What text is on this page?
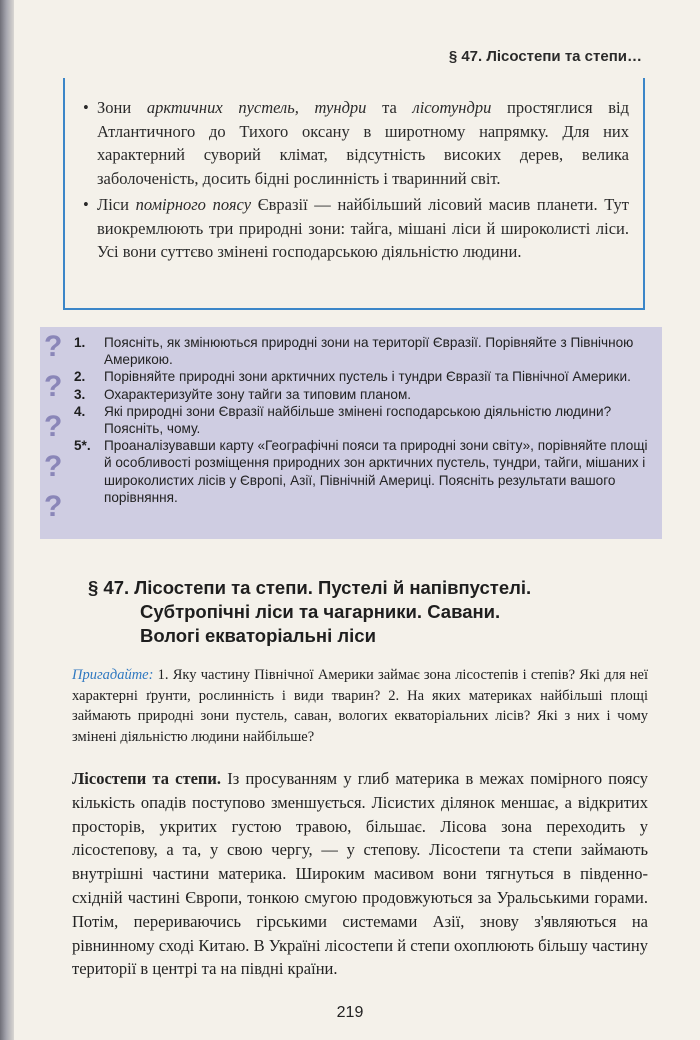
§ 47. Лісостепи та степи…

• Зони арктичних пустель, тундри та лісотундри простяглися від Атлантичного до Тихого оксану в широтному напрямку. Для них характерний суворий клімат, відсутність високих дерев, велика заболоченість, досить бідні рослинність і тваринний світ.

• Ліси помірного поясу Євразії — найбільший лісовий масив планети. Тут виокремлюють три природні зони: тайга, мішані ліси й широколисті ліси. Усі вони суттєво змінені господарською діяльністю людини.

?
?
?
?
?
1.	Поясніть, як змінюються природні зони на території Євразії. Порівняйте з Північною Америкою.
2.	Порівняйте природні зони арктичних пустель і тундри Євразії та Північної Америки.
3.	Охарактеризуйте зону тайги за типовим планом.
4.	Які природні зони Євразії найбільше змінені господарською діяльністю людини? Поясніть, чому.
5*. Проаналізувавши карту «Географічні пояси та природні зони світу», порівняйте площі й особливості розміщення природних зон арктичних пустель, тундри, тайги, мішаних і широколистих лісів у Європі, Азії, Північній Америці. Поясніть результати вашого порівняння.
§ 47. Лісостепи та степи. Пустелі й напівпустелі.
Субтропічні ліси та чагарники. Савани.
Вологі екваторіальні ліси
Пригадайте: 1. Яку частину Північної Америки займає зона лісостепів і степів? Які для неї характерні ґрунти, рослинність і види тварин? 2. На яких материках найбільші площі займають природні зони пустель, саван, вологих екваторіальних лісів? Які з них і чому змінені діяльністю людини найбільше?
Лісостепи та степи. Із просуванням у глиб материка в межах помірного поясу кількість опадів поступово зменшується. Лісистих ділянок меншає, а відкритих просторів, укритих густою травою, більшає. Лісова зона переходить у лісостепову, а та, у свою чергу, — у степову. Лісостепи та степи займають внутрішні частини материка. Широким масивом вони тягнуться в південно-східній частині Європи, тонкою смугою продовжуються за Уральськими горами. Потім, перериваючись гірськими системами Азії, знову з'являються на рівнинному сході Китаю. В Україні лісостепи й степи охоплюють більшу частину території в центрі та на півдні країни.
219
